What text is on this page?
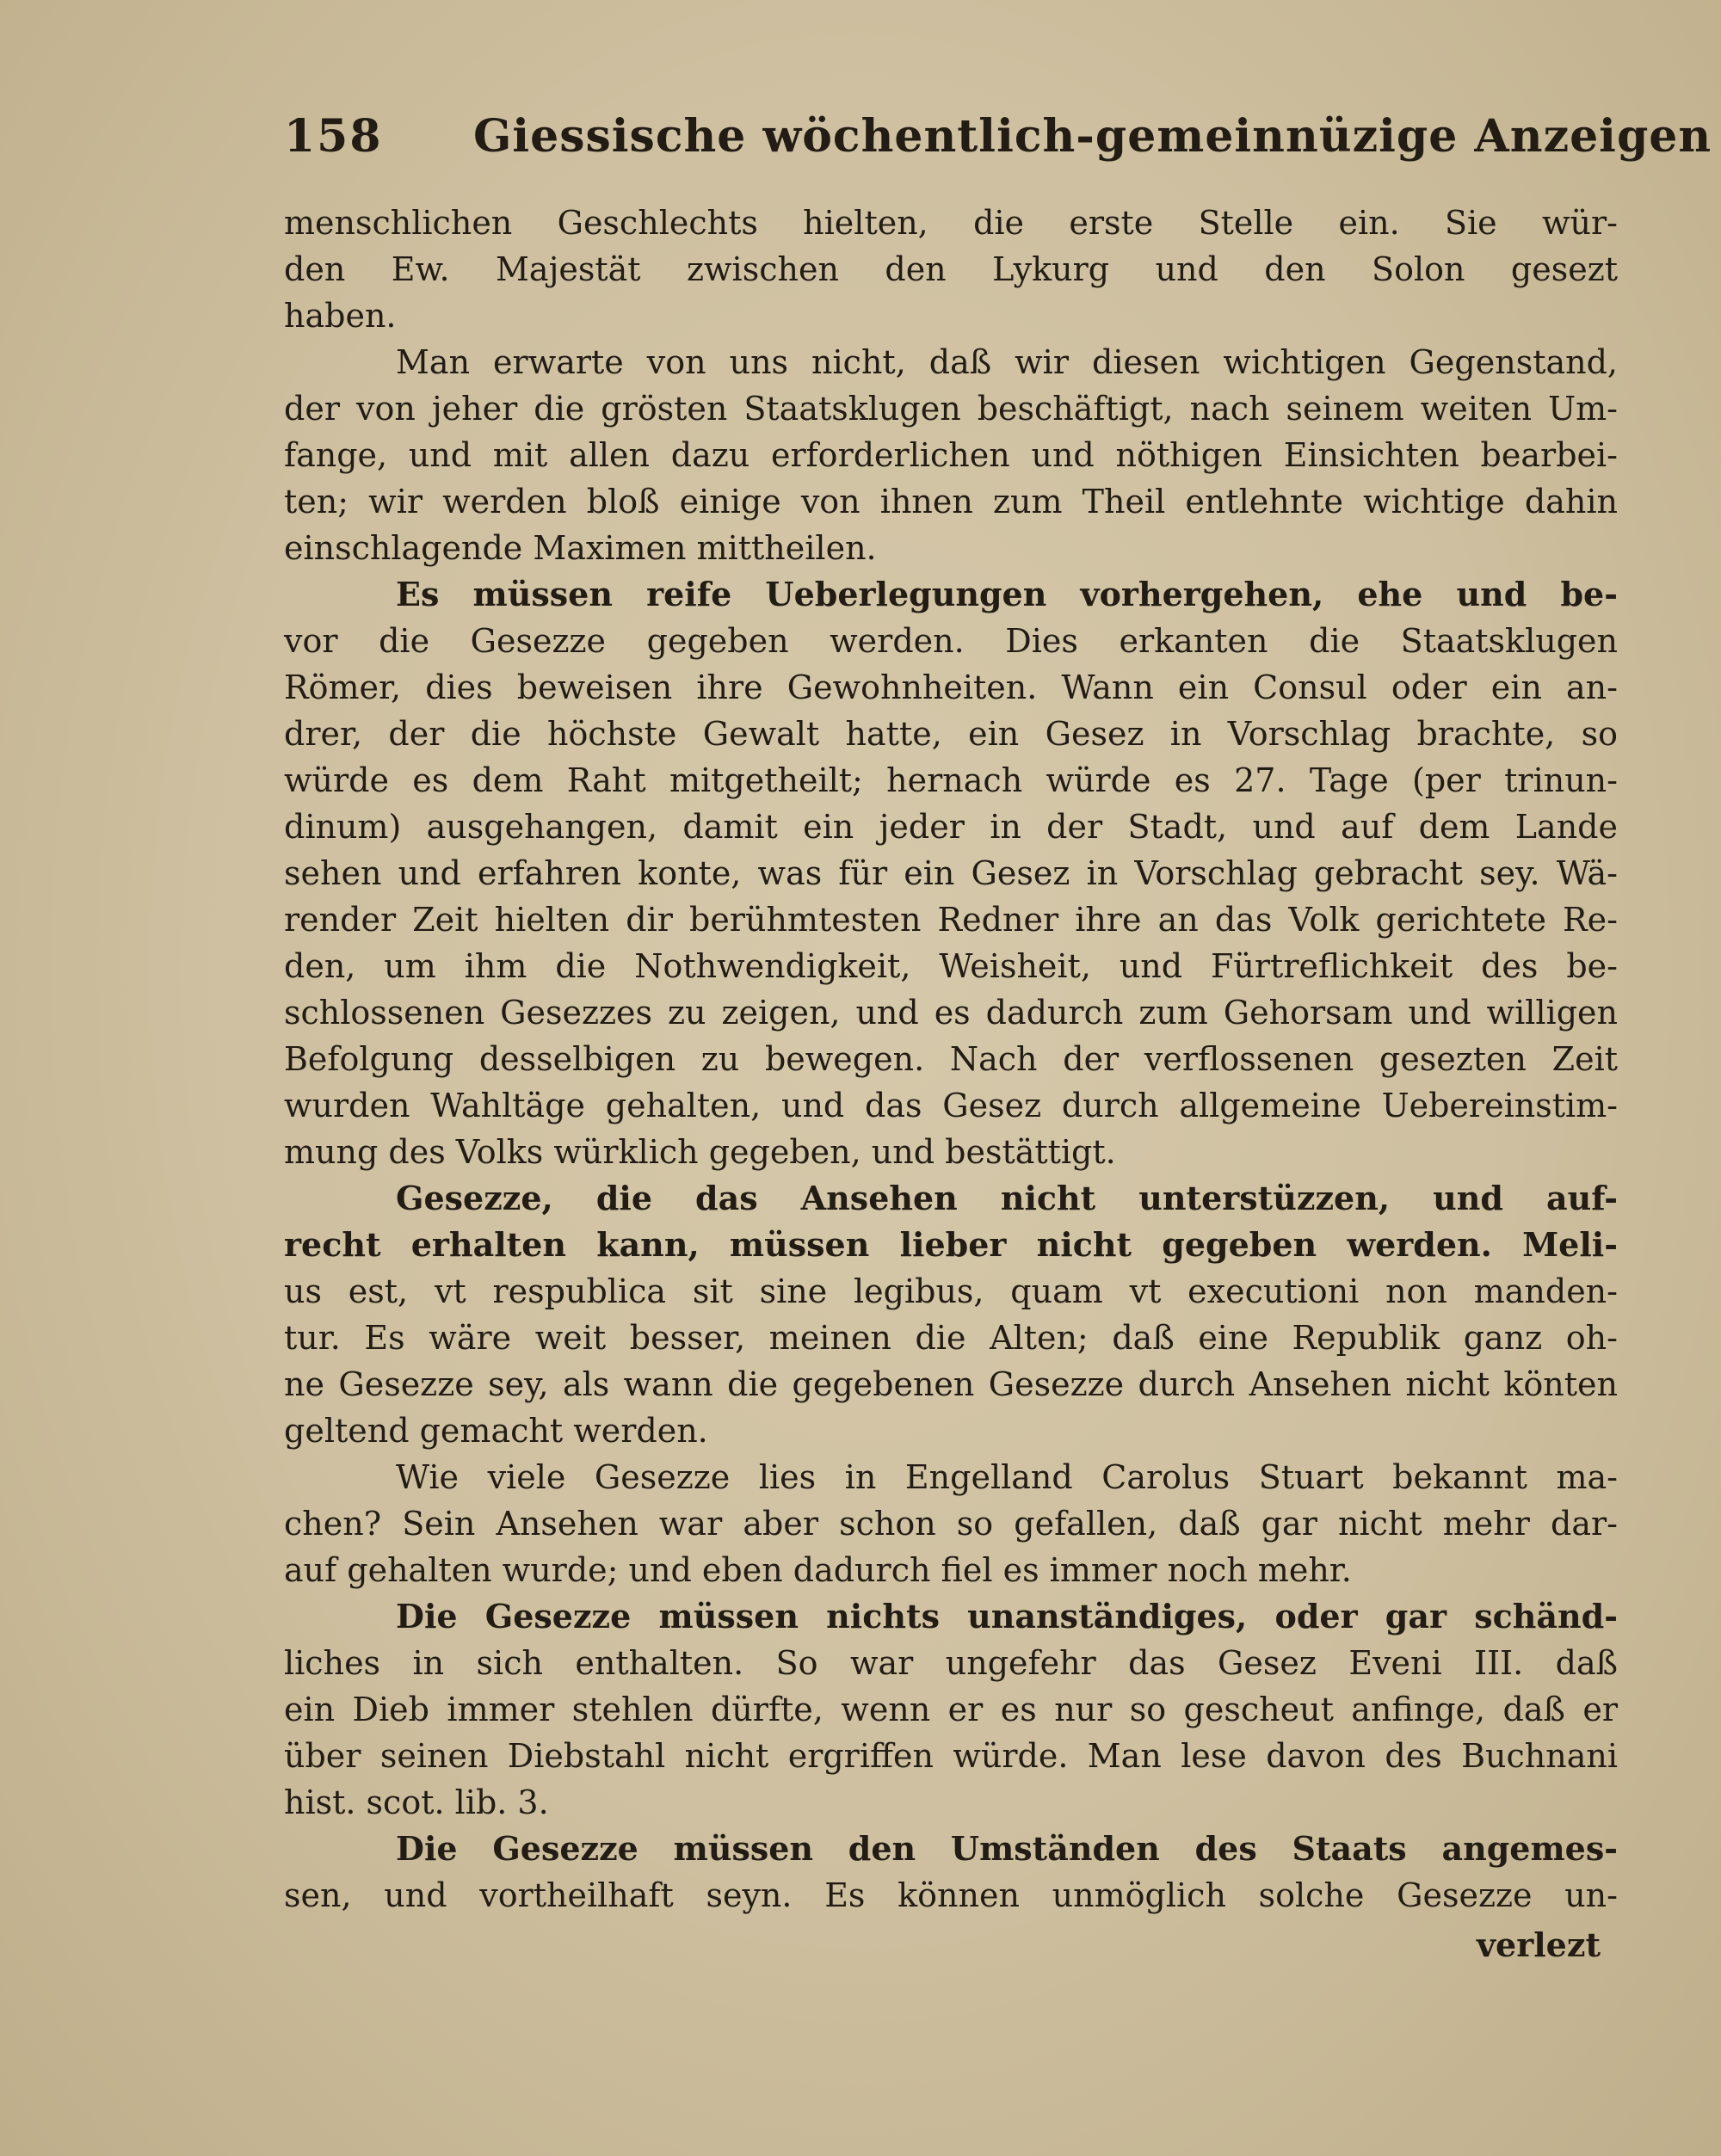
158 Giessische wöchentlich-gemeinnüzige Anzeigen
menschlichen Geschlechts hielten, die erste Stelle ein. Sie wür-
den Ew. Majestät zwischen den Lykurg und den Solon gesezt
haben.
Man erwarte von uns nicht, daß wir diesen wichtigen Gegenstand,
der von jeher die grösten Staatsklugen beschäftigt, nach seinem weiten Um-
fange, und mit allen dazu erforderlichen und nöthigen Einsichten bearbei-
ten; wir werden bloß einige von ihnen zum Theil entlehnte wichtige dahin
einschlagende Maximen mittheilen.
Es müssen reife Ueberlegungen vorhergehen, ehe und be-
vor die Gesezze gegeben werden. Dies erkanten die Staatsklugen
Römer, dies beweisen ihre Gewohnheiten. Wann ein Consul oder ein an-
drer, der die höchste Gewalt hatte, ein Gesez in Vorschlag brachte, so
würde es dem Raht mitgetheilt; hernach würde es 27. Tage (per trinun-
dinum) ausgehangen, damit ein jeder in der Stadt, und auf dem Lande
sehen und erfahren konte, was für ein Gesez in Vorschlag gebracht sey. Wä-
render Zeit hielten dir berühmtesten Redner ihre an das Volk gerichtete Re-
den, um ihm die Nothwendigkeit, Weisheit, und Fürtreflichkeit des be-
schlossenen Gesezzes zu zeigen, und es dadurch zum Gehorsam und willigen
Befolgung desselbigen zu bewegen. Nach der verflossenen gesezten Zeit
wurden Wahltäge gehalten, und das Gesez durch allgemeine Uebereinstim-
mung des Volks würklich gegeben, und bestättigt.
Gesezze, die das Ansehen nicht unterstüzzen, und auf-
recht erhalten kann, müssen lieber nicht gegeben werden. Meli-
us est, vt respublica sit sine legibus, quam vt executioni non manden-
tur. Es wäre weit besser, meinen die Alten; daß eine Republik ganz oh-
ne Gesezze sey, als wann die gegebenen Gesezze durch Ansehen nicht könten
geltend gemacht werden.
Wie viele Gesezze lies in Engelland Carolus Stuart bekannt ma-
chen? Sein Ansehen war aber schon so gefallen, daß gar nicht mehr dar-
auf gehalten wurde; und eben dadurch fiel es immer noch mehr.
Die Gesezze müssen nichts unanständiges, oder gar schänd-
liches in sich enthalten. So war ungefehr das Gesez Eveni III. daß
ein Dieb immer stehlen dürfte, wenn er es nur so gescheut anfinge, daß er
über seinen Diebstahl nicht ergriffen würde. Man lese davon des Buchnani
hist. scot. lib. 3.
Die Gesezze müssen den Umständen des Staats angemes-
sen, und vortheilhaft seyn. Es können unmöglich solche Gesezze un-
verlezt
